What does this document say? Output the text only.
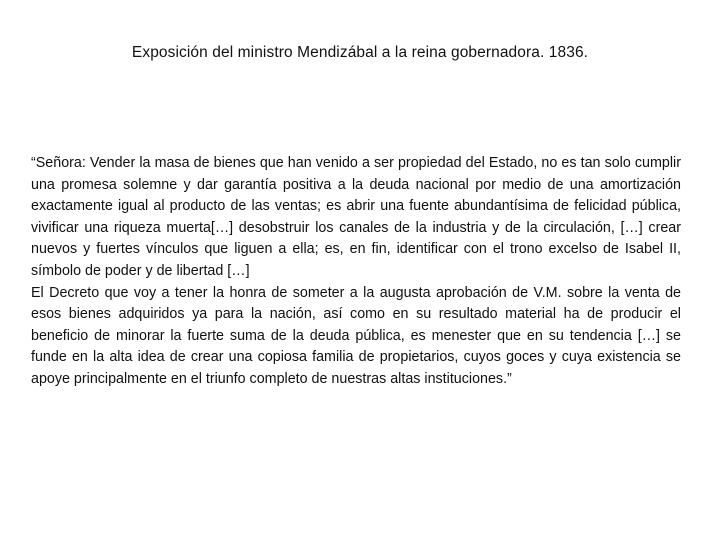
Exposición del ministro Mendizábal a la reina gobernadora. 1836.

“Señora: Vender la masa de bienes que han venido a ser propiedad del Estado, no es tan solo cumplir una promesa solemne y dar garantía positiva a la deuda nacional por medio de una amortización exactamente igual al producto de las ventas; es abrir una fuente abundantísima de felicidad pública, vivificar una riqueza muerta[…] desobstruir los canales de la industria y de la circulación, […] crear nuevos y fuertes vínculos que liguen a ella; es, en fin, identificar con el trono excelso de Isabel II, símbolo de poder y de libertad […]

El Decreto que voy a tener la honra de someter a la augusta aprobación de V.M. sobre la venta de esos bienes adquiridos ya para la nación, así como en su resultado material ha de producir el beneficio de minorar la fuerte suma de la deuda pública, es menester que en su tendencia […] se funde en la alta idea de crear una copiosa familia de propietarios, cuyos goces y cuya existencia se apoye principalmente en el triunfo completo de nuestras altas instituciones.”
